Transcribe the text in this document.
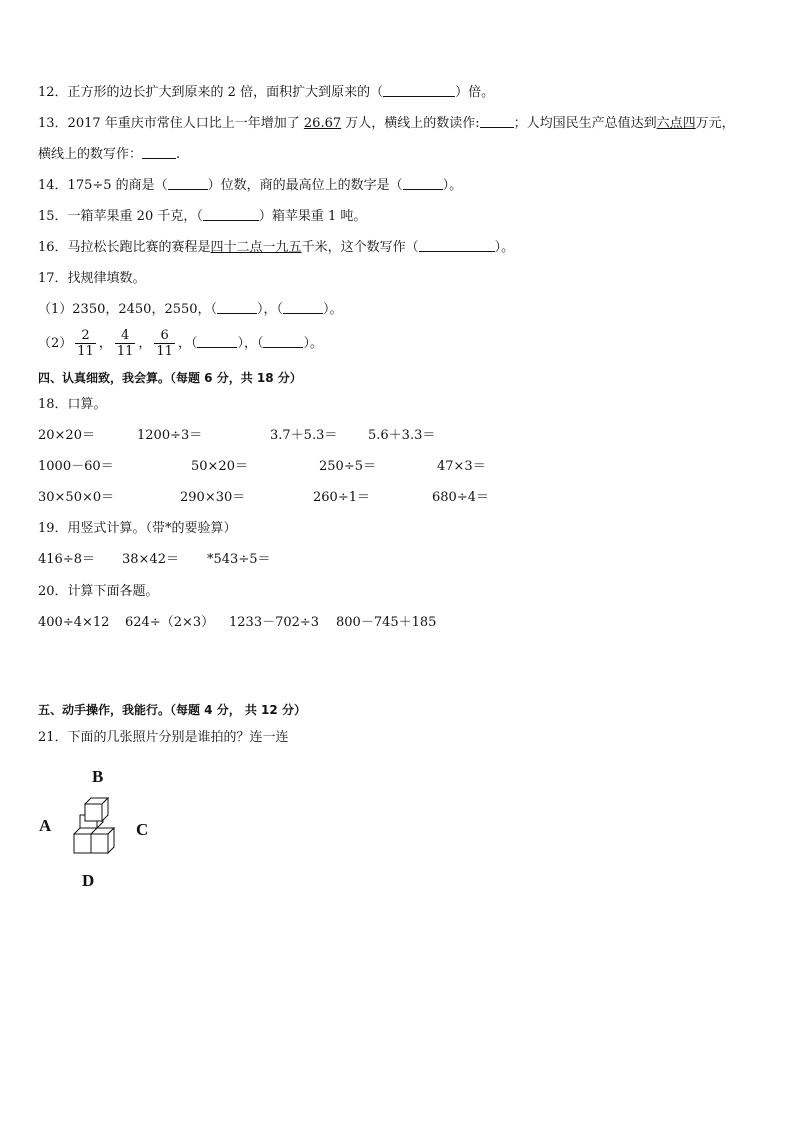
12．正方形的边长扩大到原来的 2 倍，面积扩大到原来的（	）倍。
13．2017 年重庆市常住人口比上一年增加了 26.67 万人，横线上的数读作:	；人均国民生产总值达到六点四万元，
横线上的数写作：	.
14．175÷5 的商是（	）位数，商的最高位上的数字是（	）。
15．一箱苹果重 20 千克，（	）箱苹果重 1 吨。
16．马拉松长跑比赛的赛程是四十二点一九五千米，这个数写作（	）。
17．找规律填数。
（1）2350，2450，2550，（	），（	）。
$(2) \frac{2}{11}$ ， $\frac{4}{11}$ ， $\frac{6}{11}$ ，（	），（	）。
四、认真细致，我会算。（每题 6 分，共 18 分）
18．口算。
20×20＝	1200÷3＝	3.7＋5.3＝ 5.6＋3.3＝
1000－60＝	50×20＝	250÷5＝	47×3＝
30×50×0＝	290×30＝	260÷1＝	680÷4＝
19．用竖式计算。（带*的要验算）
416÷8＝ 38×42＝ *543÷5＝
20．计算下面各题。
400÷4×12 624÷（2×3） 1233－702÷3 800－745＋185
五、动手操作，我能行。（每题 4 分， 共 12 分）
21．下面的几张照片分别是谁拍的？连一连
B
A	C
D
